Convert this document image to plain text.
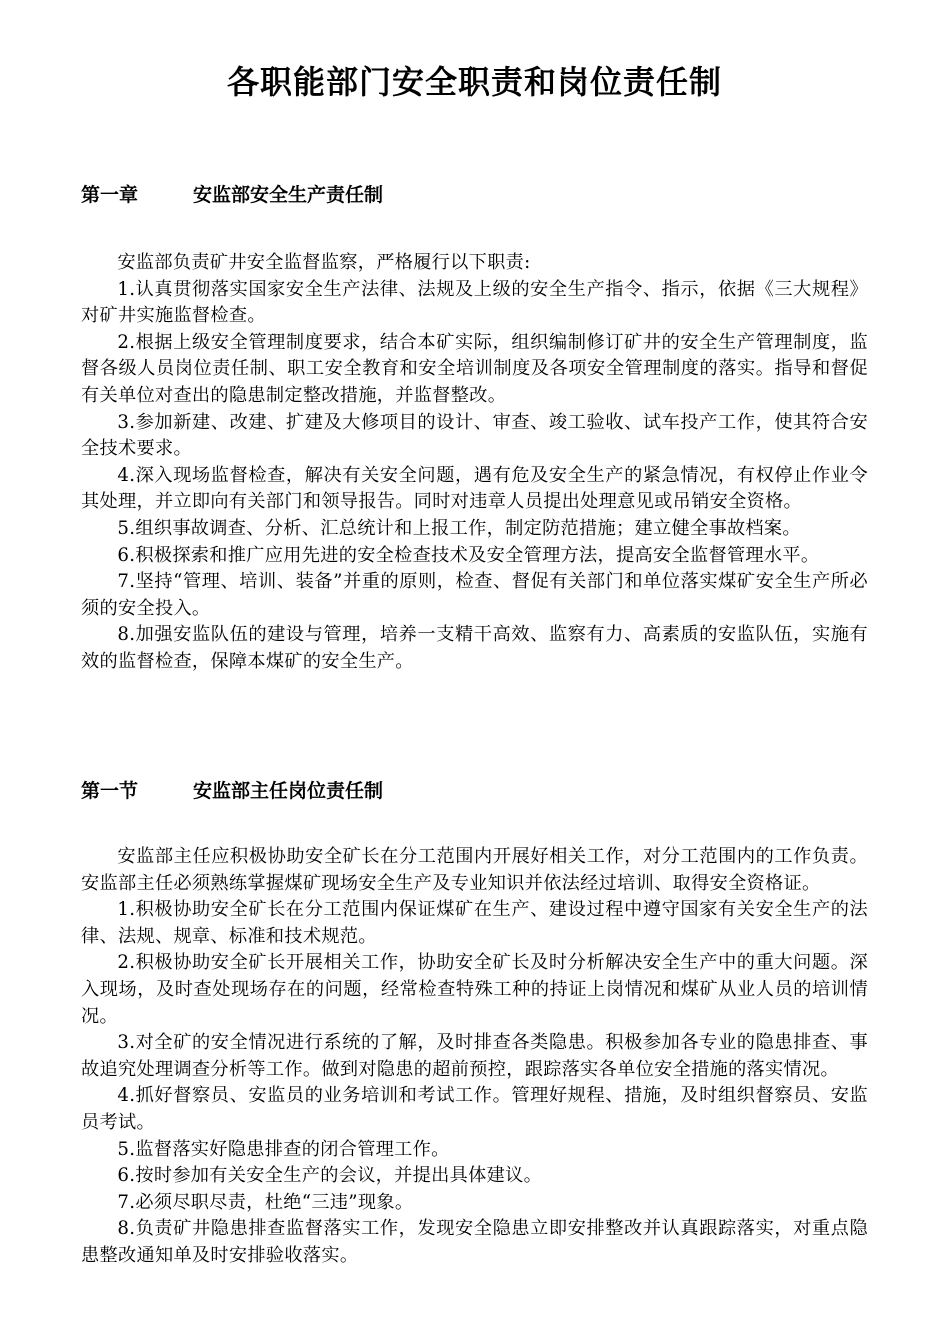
各职能部门安全职责和岗位责任制
第一章	安监部安全生产责任制

安监部负责矿井安全监督监察，严格履行以下职责:

1.认真贯彻落实国家安全生产法律、法规及上级的安全生产指令、指示，依据《三大规程》对矿井实施监督检查。

2.根据上级安全管理制度要求，结合本矿实际，组织编制修订矿井的安全生产管理制度，监督各级人员岗位责任制、职工安全教育和安全培训制度及各项安全管理制度的落实。指导和督促有关单位对查出的隐患制定整改措施，并监督整改。

3.参加新建、改建、扩建及大修项目的设计、审查、竣工验收、试车投产工作，使其符合安全技术要求。

4.深入现场监督检查，解决有关安全问题，遇有危及安全生产的紧急情况，有权停止作业令其处理，并立即向有关部门和领导报告。同时对违章人员提出处理意见或吊销安全资格。

5.组织事故调查、分析、汇总统计和上报工作，制定防范措施；建立健全事故档案。

6.积极探索和推广应用先进的安全检查技术及安全管理方法，提高安全监督管理水平。

7.坚持“管理、培训、装备”并重的原则，检查、督促有关部门和单位落实煤矿安全生产所必须的安全投入。

8.加强安监队伍的建设与管理，培养一支精干高效、监察有力、高素质的安监队伍，实施有效的监督检查，保障本煤矿的安全生产。

第一节	安监部主任岗位责任制

安监部主任应积极协助安全矿长在分工范围内开展好相关工作，对分工范围内的工作负责。安监部主任必须熟练掌握煤矿现场安全生产及专业知识并依法经过培训、取得安全资格证。

1.积极协助安全矿长在分工范围内保证煤矿在生产、建设过程中遵守国家有关安全生产的法律、法规、规章、标准和技术规范。

2.积极协助安全矿长开展相关工作，协助安全矿长及时分析解决安全生产中的重大问题。深入现场，及时查处现场存在的问题，经常检查特殊工种的持证上岗情况和煤矿从业人员的培训情况。

3.对全矿的安全情况进行系统的了解，及时排查各类隐患。积极参加各专业的隐患排查、事故追究处理调查分析等工作。做到对隐患的超前预控，跟踪落实各单位安全措施的落实情况。

4.抓好督察员、安监员的业务培训和考试工作。管理好规程、措施，及时组织督察员、安监员考试。

5.监督落实好隐患排查的闭合管理工作。

6.按时参加有关安全生产的会议，并提出具体建议。

7.必须尽职尽责，杜绝“三违”现象。

8.负责矿井隐患排查监督落实工作，发现安全隐患立即安排整改并认真跟踪落实，对重点隐患整改通知单及时安排验收落实。
